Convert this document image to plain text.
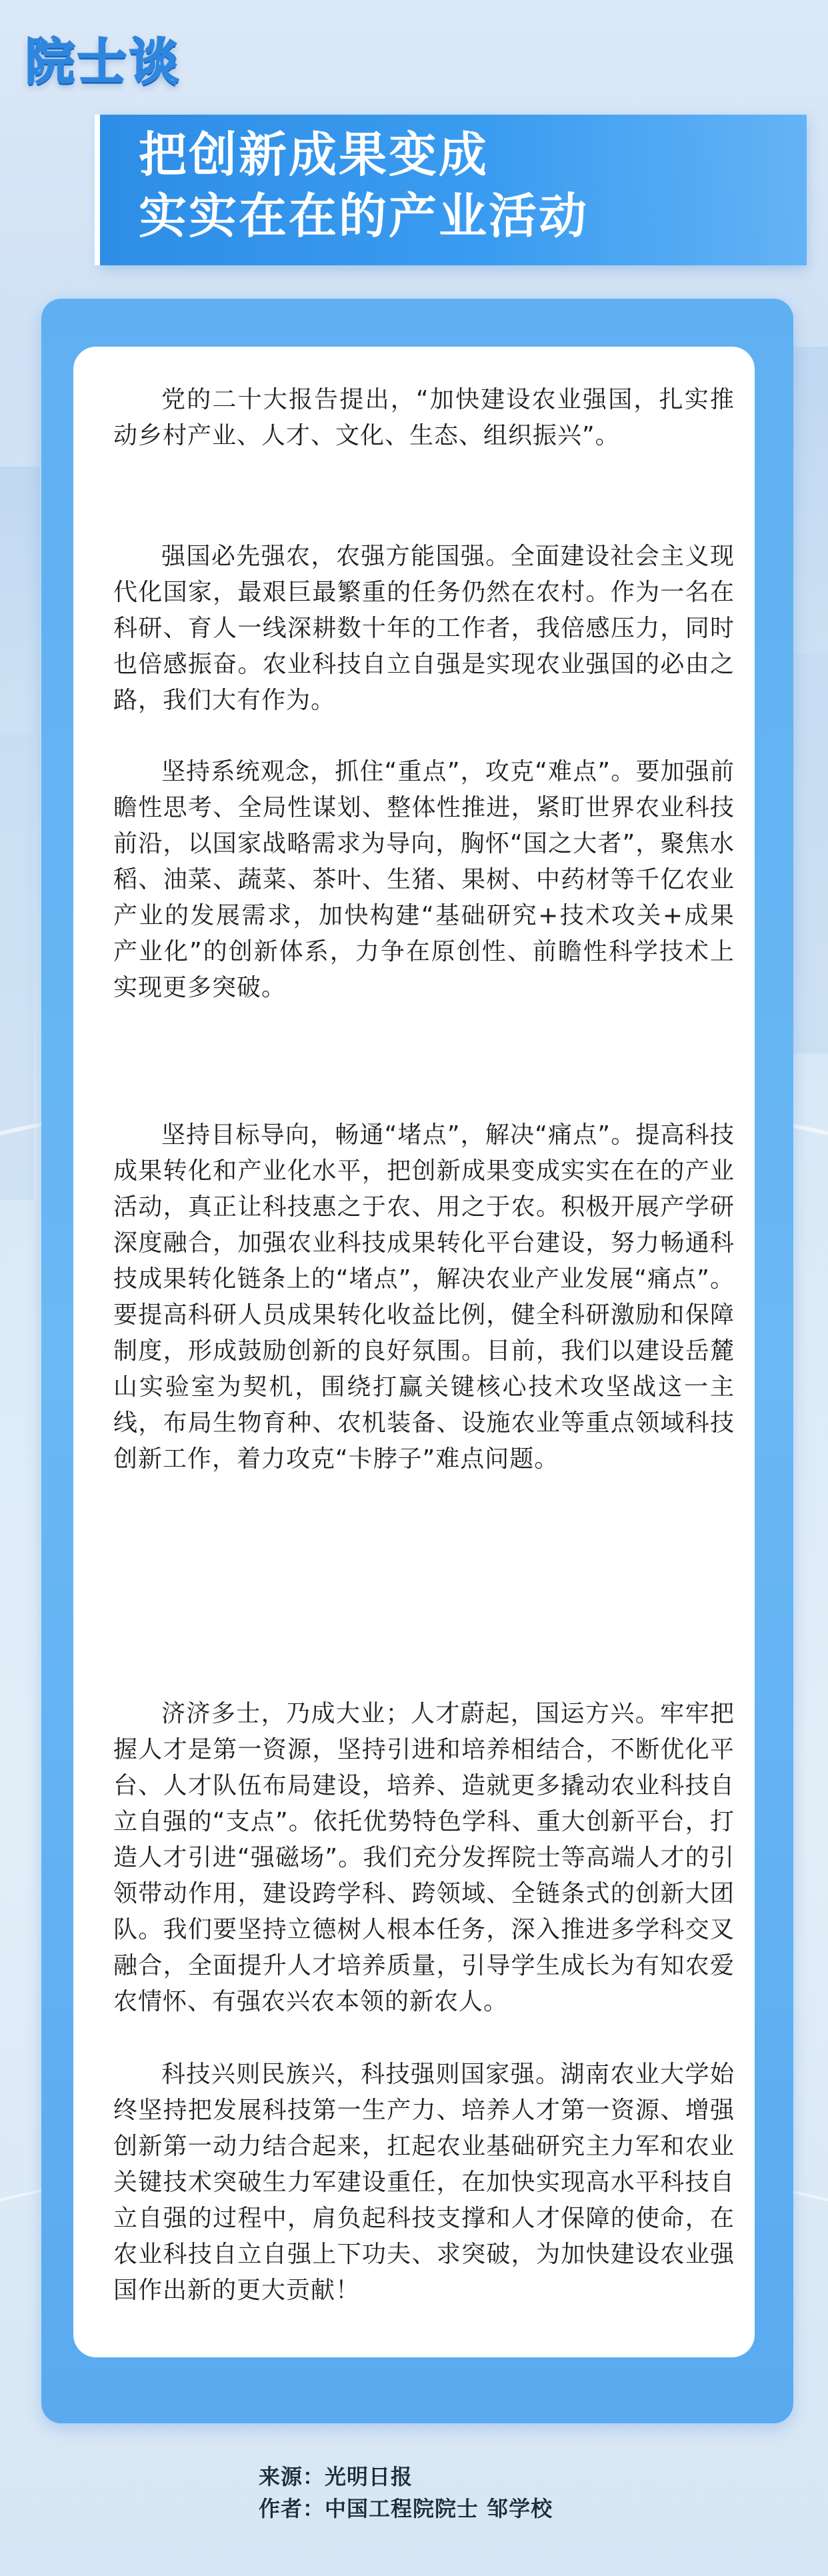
院士谈
把创新成果变成
实实在在的产业活动

党的二十大报告提出，“加快建设农业强国，扎实推动乡村产业、人才、文化、生态、组织振兴”。

强国必先强农，农强方能国强。全面建设社会主义现代化国家，最艰巨最繁重的任务仍然在农村。作为一名在科研、育人一线深耕数十年的工作者，我倍感压力，同时也倍感振奋。农业科技自立自强是实现农业强国的必由之路，我们大有作为。

坚持系统观念，抓住“重点”，攻克“难点”。要加强前瞻性思考、全局性谋划、整体性推进，紧盯世界农业科技前沿，以国家战略需求为导向，胸怀“国之大者”，聚焦水稻、油菜、蔬菜、茶叶、生猪、果树、中药材等千亿农业产业的发展需求，加快构建“基础研究+技术攻关+成果产业化”的创新体系，力争在原创性、前瞻性科学技术上实现更多突破。

坚持目标导向，畅通“堵点”，解决“痛点”。提高科技成果转化和产业化水平，把创新成果变成实实在在的产业活动，真正让科技惠之于农、用之于农。积极开展产学研深度融合，加强农业科技成果转化平台建设，努力畅通科技成果转化链条上的“堵点”，解决农业产业发展“痛点”。要提高科研人员成果转化收益比例，健全科研激励和保障制度，形成鼓励创新的良好氛围。目前，我们以建设岳麓山实验室为契机，围绕打赢关键核心技术攻坚战这一主线，布局生物育种、农机装备、设施农业等重点领域科技创新工作，着力攻克“卡脖子”难点问题。

济济多士，乃成大业；人才蔚起，国运方兴。牢牢把握人才是第一资源，坚持引进和培养相结合，不断优化平台、人才队伍布局建设，培养、造就更多撬动农业科技自立自强的“支点”。依托优势特色学科、重大创新平台，打造人才引进“强磁场”。我们充分发挥院士等高端人才的引领带动作用，建设跨学科、跨领域、全链条式的创新大团队。我们要坚持立德树人根本任务，深入推进多学科交叉融合，全面提升人才培养质量，引导学生成长为有知农爱农情怀、有强农兴农本领的新农人。

科技兴则民族兴，科技强则国家强。湖南农业大学始终坚持把发展科技第一生产力、培养人才第一资源、增强创新第一动力结合起来，扛起农业基础研究主力军和农业关键技术突破生力军建设重任，在加快实现高水平科技自立自强的过程中，肩负起科技支撑和人才保障的使命，在农业科技自立自强上下功夫、求突破，为加快建设农业强国作出新的更大贡献！

来源：光明日报
作者：中国工程院院士 邹学校
